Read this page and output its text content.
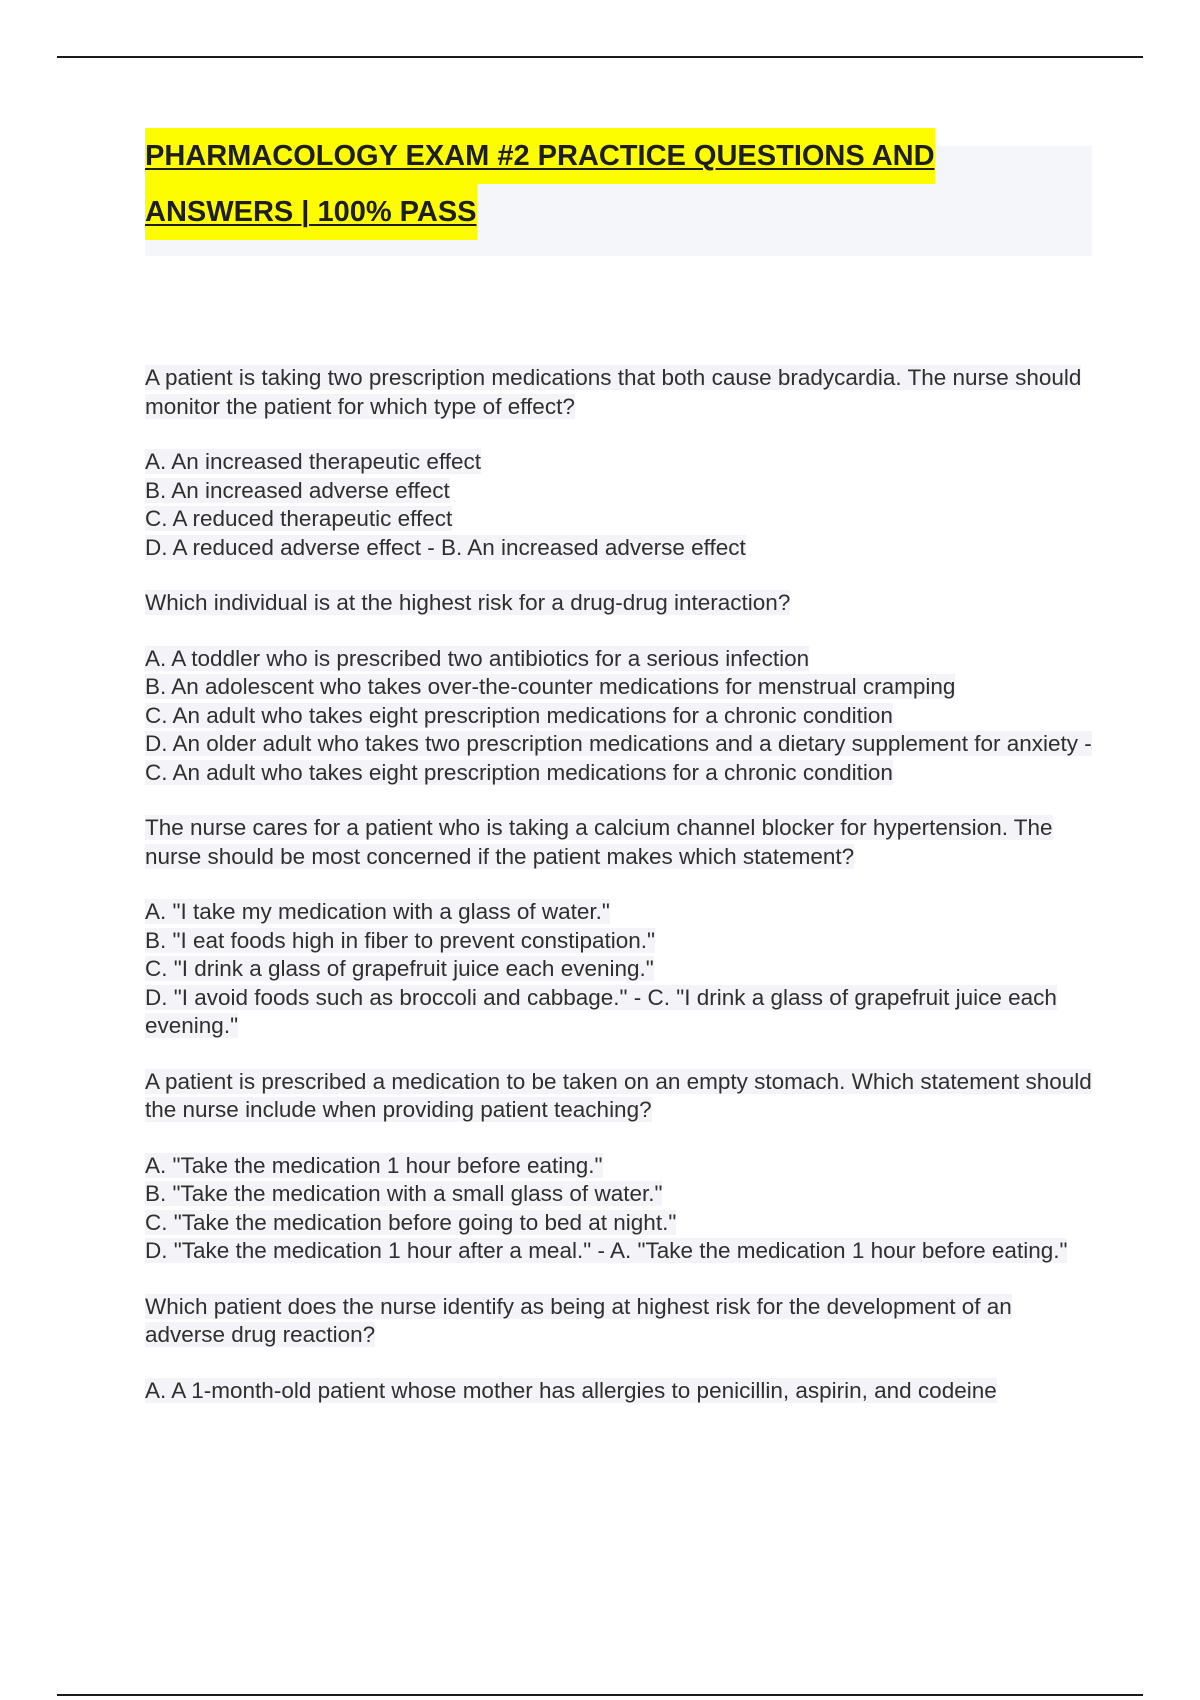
PHARMACOLOGY EXAM #2 PRACTICE QUESTIONS AND
ANSWERS | 100% PASS

A patient is taking two prescription medications that both cause bradycardia. The nurse should monitor the patient for which type of effect?

A. An increased therapeutic effect
B. An increased adverse effect
C. A reduced therapeutic effect
D. A reduced adverse effect - B. An increased adverse effect

Which individual is at the highest risk for a drug-drug interaction?

A. A toddler who is prescribed two antibiotics for a serious infection
B. An adolescent who takes over-the-counter medications for menstrual cramping
C. An adult who takes eight prescription medications for a chronic condition
D. An older adult who takes two prescription medications and a dietary supplement for anxiety - C. An adult who takes eight prescription medications for a chronic condition

The nurse cares for a patient who is taking a calcium channel blocker for hypertension. The nurse should be most concerned if the patient makes which statement?

A. "I take my medication with a glass of water."
B. "I eat foods high in fiber to prevent constipation."
C. "I drink a glass of grapefruit juice each evening."
D. "I avoid foods such as broccoli and cabbage." - C. "I drink a glass of grapefruit juice each evening."

A patient is prescribed a medication to be taken on an empty stomach. Which statement should the nurse include when providing patient teaching?

A. "Take the medication 1 hour before eating."
B. "Take the medication with a small glass of water."
C. "Take the medication before going to bed at night."
D. "Take the medication 1 hour after a meal." - A. "Take the medication 1 hour before eating."

Which patient does the nurse identify as being at highest risk for the development of an adverse drug reaction?

A. A 1-month-old patient whose mother has allergies to penicillin, aspirin, and codeine
